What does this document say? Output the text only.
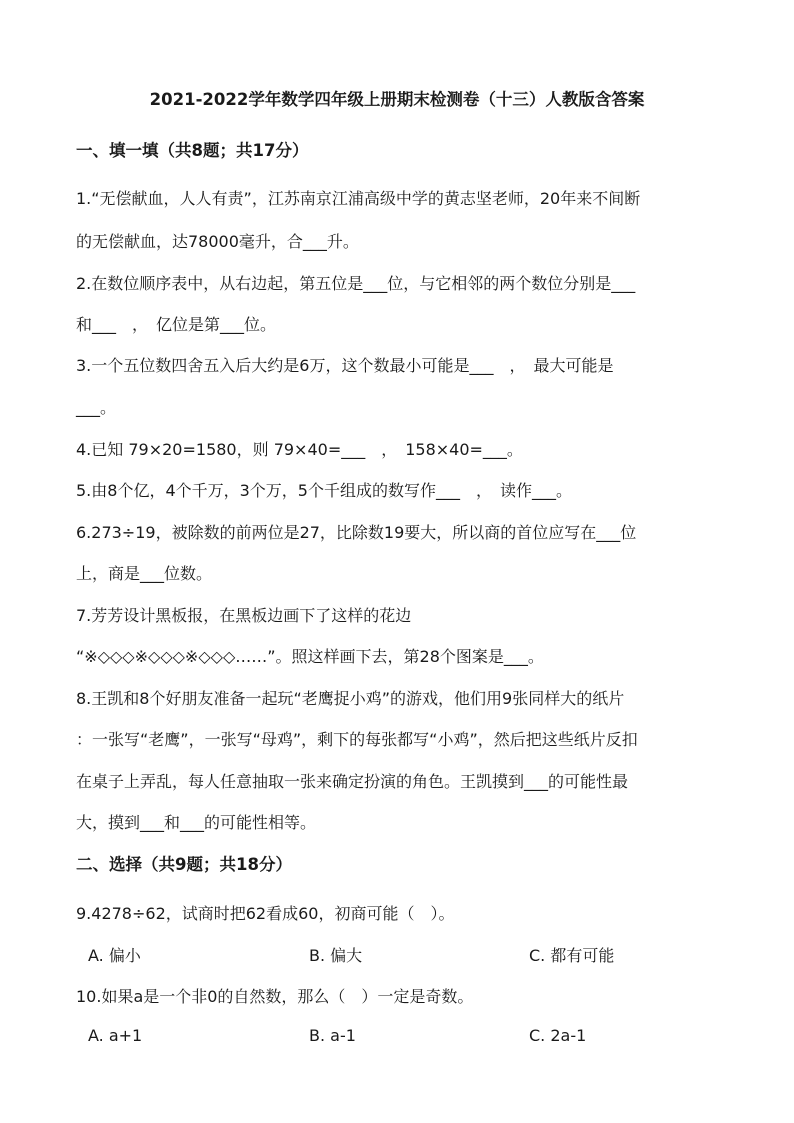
2021-2022学年数学四年级上册期末检测卷（十三）人教版含答案
一、填一填（共8题；共17分）
1.“无偿献血，人人有责”，江苏南京江浦高级中学的黄志坚老师，20年来不间断
的无偿献血，达78000毫升，合___升。
2.在数位顺序表中，从右边起，第五位是___位，与它相邻的两个数位分别是___
和___　，　亿位是第___位。
3.一个五位数四舍五入后大约是6万，这个数最小可能是___　，　最大可能是
___。
4.已知 79×20=1580，则 79×40=___　，　158×40=___。
5.由8个亿，4个千万，3个万，5个千组成的数写作___　，　读作___。
6.273÷19，被除数的前两位是27，比除数19要大，所以商的首位应写在___位
上，商是___位数。
7.芳芳设计黑板报，在黑板边画下了这样的花边
“※◇◇◇※◇◇◇※◇◇◇……”。照这样画下去，第28个图案是___。
8.王凯和8个好朋友准备一起玩“老鹰捉小鸡”的游戏，他们用9张同样大的纸片
：一张写“老鹰”，一张写“母鸡”，剩下的每张都写“小鸡”，然后把这些纸片反扣
在桌子上弄乱，每人任意抽取一张来确定扮演的角色。王凯摸到___的可能性最
大，摸到___和___的可能性相等。
二、选择（共9题；共18分）
9.4278÷62，试商时把62看成60，初商可能（　）。
A. 偏小	B. 偏大	C. 都有可能
10.如果a是一个非0的自然数，那么（　）一定是奇数。
A. a+1	B. a-1	C. 2a-1
